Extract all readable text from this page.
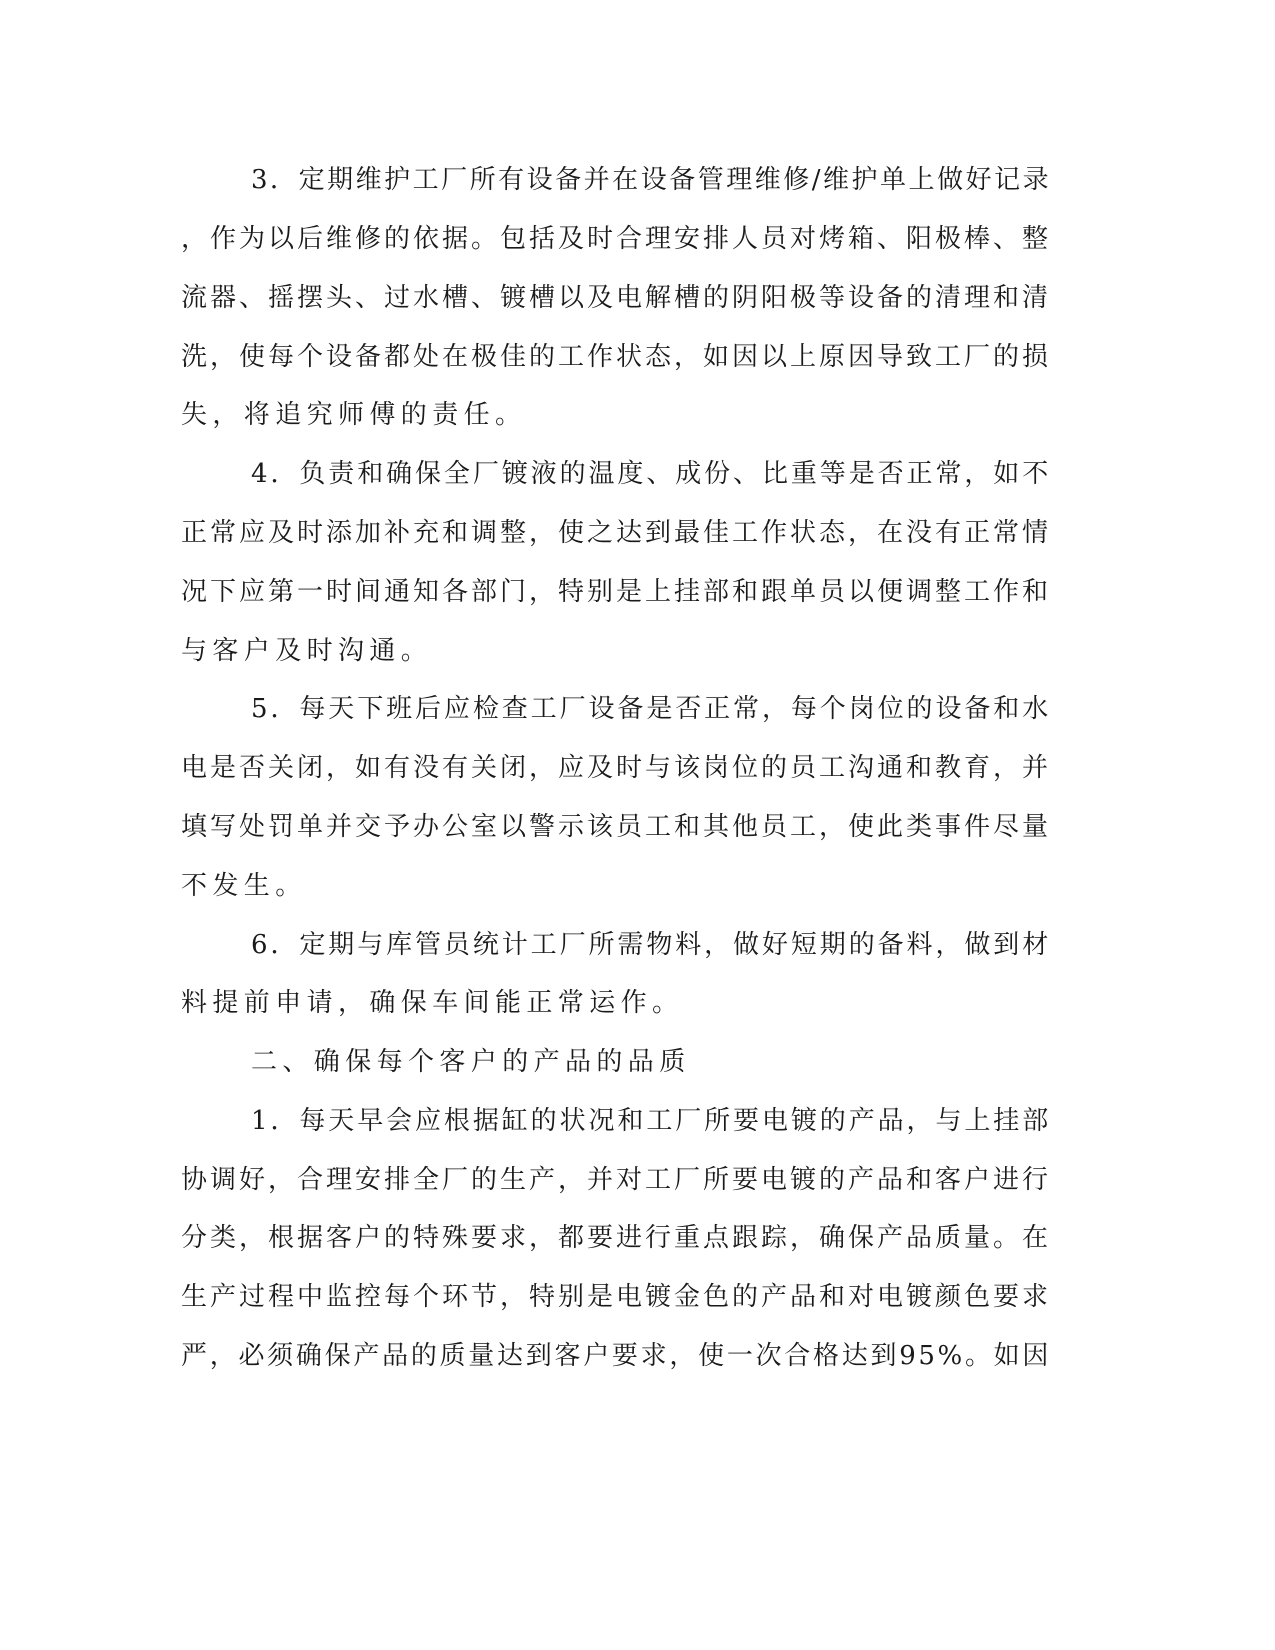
3．定期维护工厂所有设备并在设备管理维修/维护单上做好记录
，作为以后维修的依据。包括及时合理安排人员对烤箱、阳极棒、整
流器、摇摆头、过水槽、镀槽以及电解槽的阴阳极等设备的清理和清
洗，使每个设备都处在极佳的工作状态，如因以上原因导致工厂的损
失，将追究师傅的责任。
4．负责和确保全厂镀液的温度、成份、比重等是否正常，如不
正常应及时添加补充和调整，使之达到最佳工作状态，在没有正常情
况下应第一时间通知各部门，特别是上挂部和跟单员以便调整工作和
与客户及时沟通。
5．每天下班后应检查工厂设备是否正常，每个岗位的设备和水
电是否关闭，如有没有关闭，应及时与该岗位的员工沟通和教育，并
填写处罚单并交予办公室以警示该员工和其他员工，使此类事件尽量
不发生。
6．定期与库管员统计工厂所需物料，做好短期的备料，做到材
料提前申请，确保车间能正常运作。
二、确保每个客户的产品的品质
1．每天早会应根据缸的状况和工厂所要电镀的产品，与上挂部
协调好，合理安排全厂的生产，并对工厂所要电镀的产品和客户进行
分类，根据客户的特殊要求，都要进行重点跟踪，确保产品质量。在
生产过程中监控每个环节，特别是电镀金色的产品和对电镀颜色要求
严，必须确保产品的质量达到客户要求，使一次合格达到95%。如因
